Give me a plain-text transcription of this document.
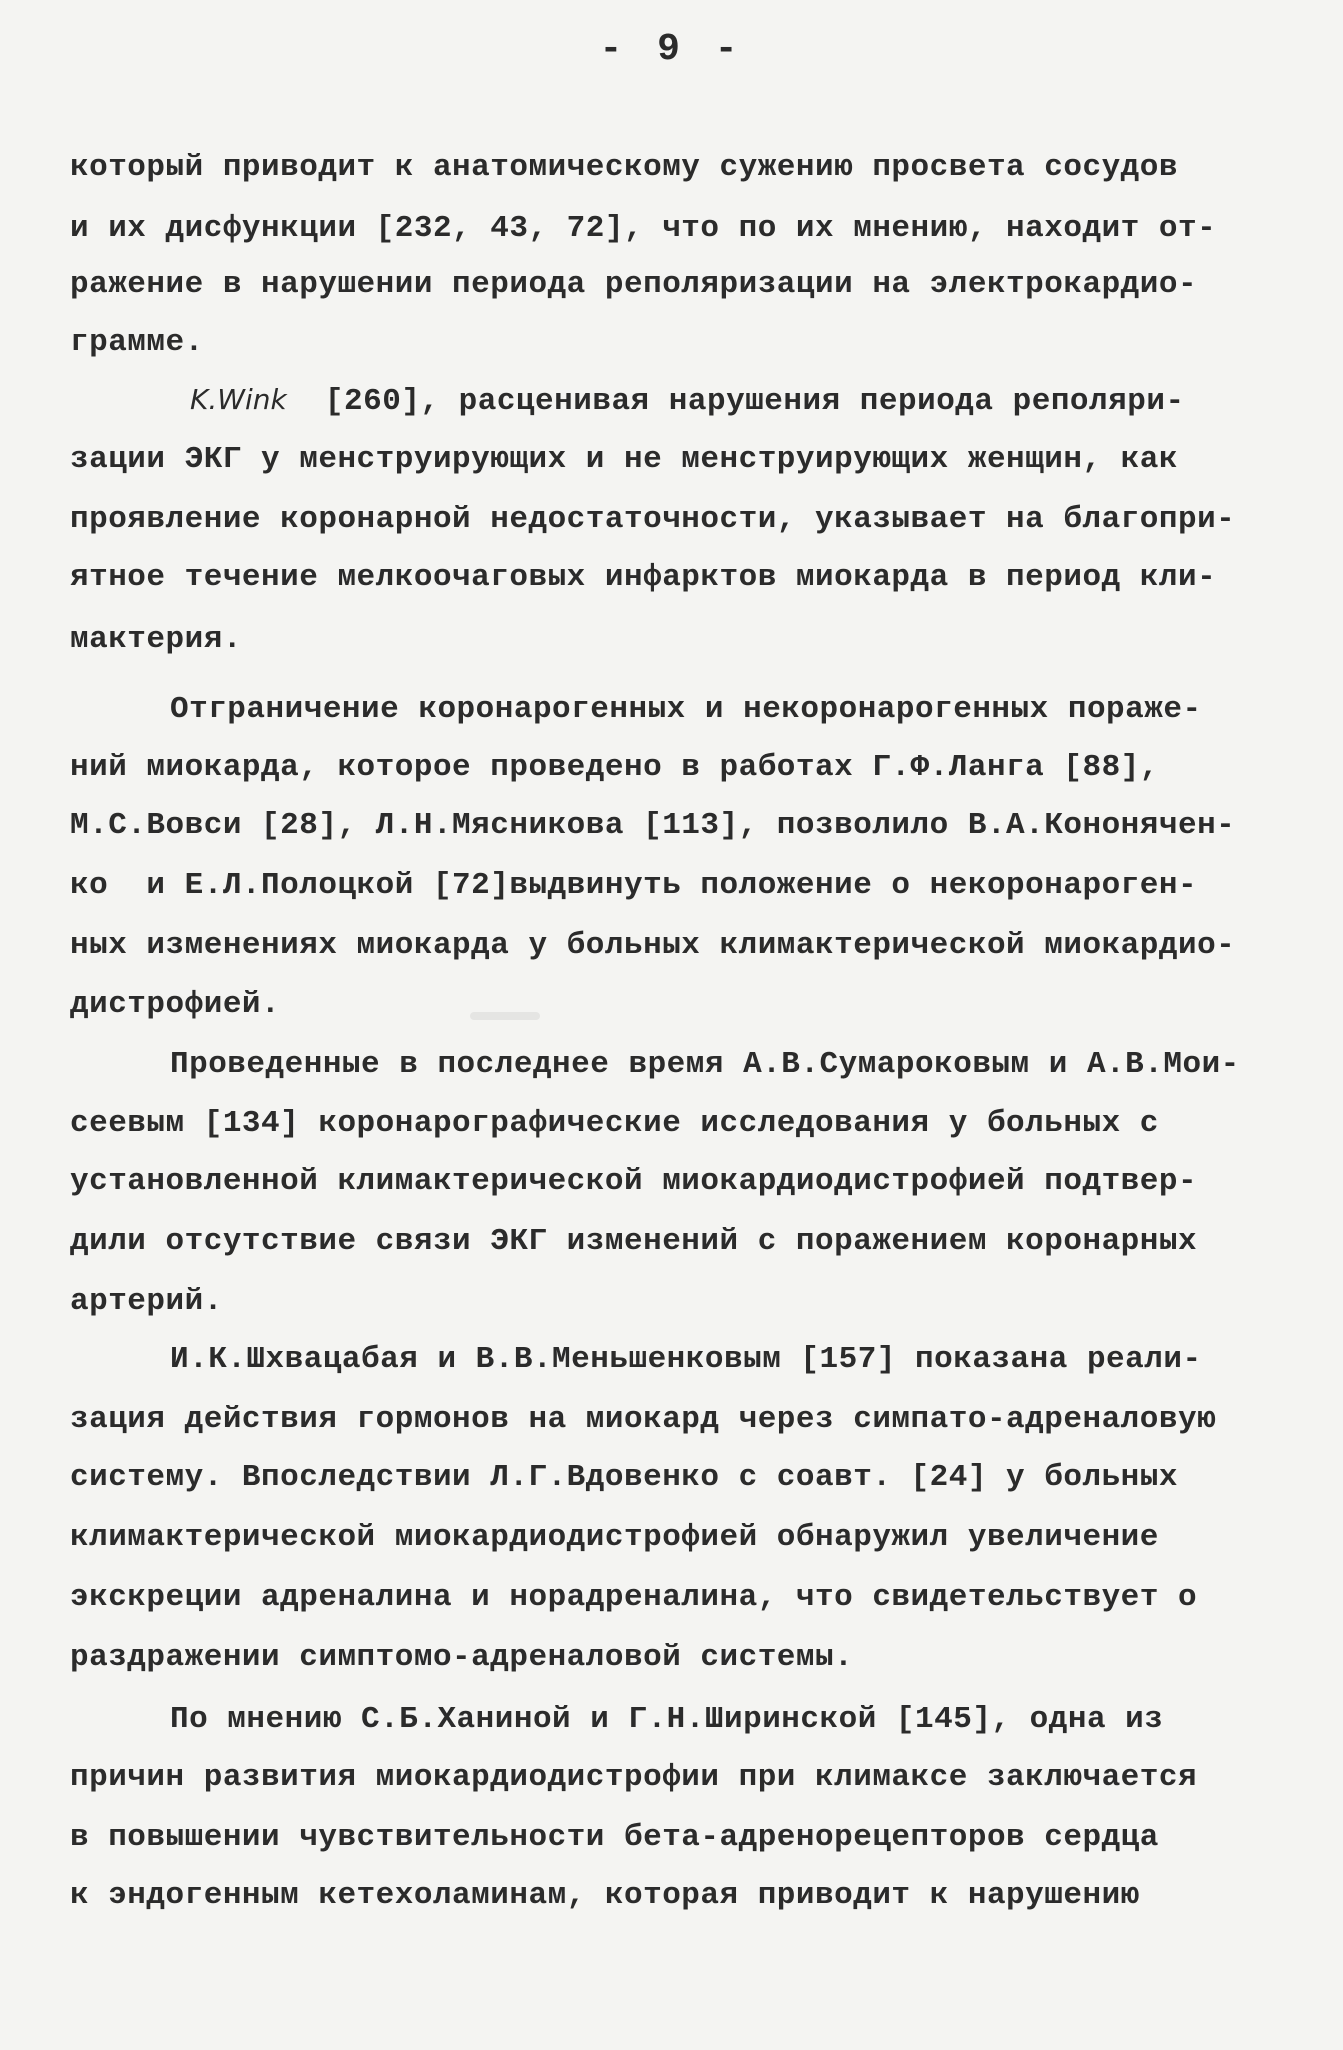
- 9 -
который приводит к анатомическому сужению просвета сосудов
и их дисфункции [232, 43, 72], что по их мнению, находит от-
ражение в нарушении периода реполяризации на электрокардио-
грамме.
K.Wink [260], расценивая нарушения периода реполяри-
зации ЭКГ у менструирующих и не менструирующих женщин, как
проявление коронарной недостаточности, указывает на благопри-
ятное течение мелкоочаговых инфарктов миокарда в период кли-
мактерия.
Отграничение коронарогенных и некоронарогенных пораже-
ний миокарда, которое проведено в работах Г.Ф.Ланга [88],
М.С.Вовси [28], Л.Н.Мясникова [113], позволило В.А.Кононячен-
ко  и Е.Л.Полоцкой [72]выдвинуть положение о некоронароген-
ных изменениях миокарда у больных климактерической миокардио-
дистрофией.
Проведенные в последнее время А.В.Сумароковым и А.В.Мои-
сеевым [134] коронарографические исследования у больных с
установленной климактерической миокардиодистрофией подтвер-
дили отсутствие связи ЭКГ изменений с поражением коронарных
артерий.
И.К.Шхвацабая и В.В.Меньшенковым [157] показана реали-
зация действия гормонов на миокард через симпато-адреналовую
систему. Впоследствии Л.Г.Вдовенко с соавт. [24] у больных
климактерической миокардиодистрофией обнаружил увеличение
экскреции адреналина и норадреналина, что свидетельствует о
раздражении симптомо-адреналовой системы.
По мнению С.Б.Ханиной и Г.Н.Ширинской [145], одна из
причин развития миокардиодистрофии при климаксе заключается
в повышении чувствительности бета-адренорецепторов сердца
к эндогенным кетехоламинам, которая приводит к нарушению
